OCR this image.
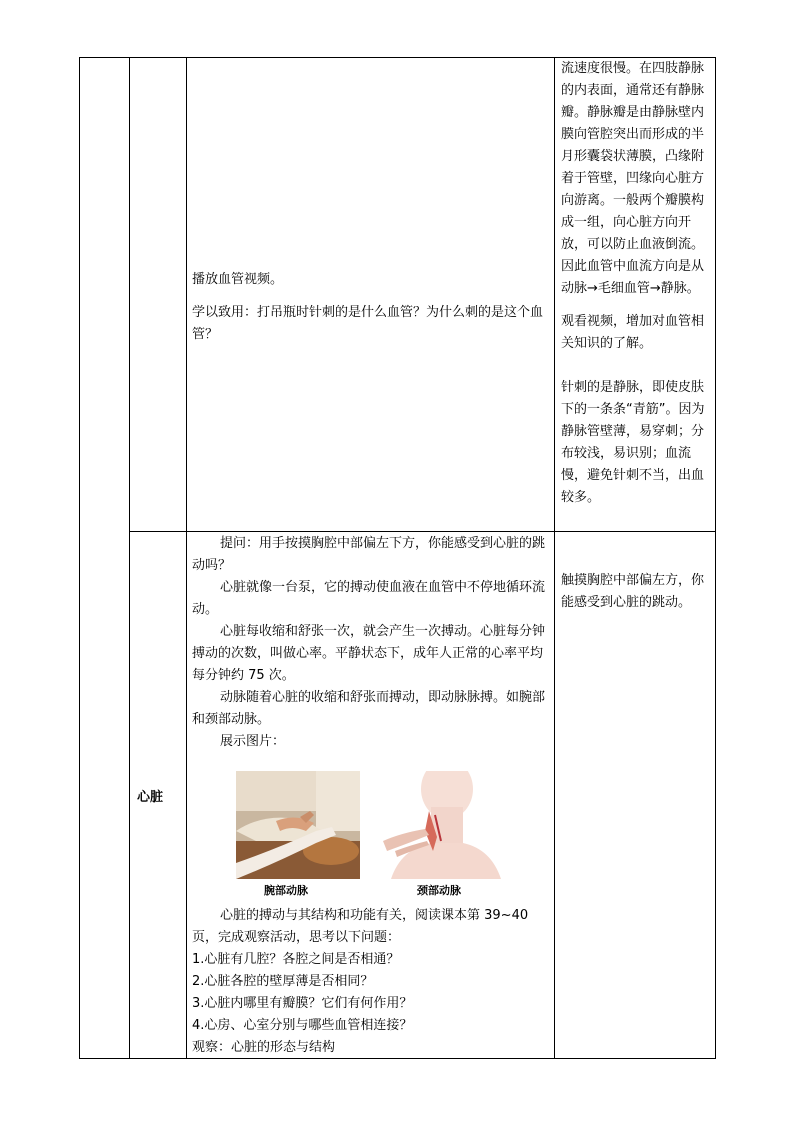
播放血管视频。

学以致用：打吊瓶时针刺的是什么血管？为什么刺的是这个血管？

流速度很慢。在四肢静脉的内表面，通常还有静脉瓣。静脉瓣是由静脉壁内膜向管腔突出而形成的半月形囊袋状薄膜，凸缘附着于管壁，凹缘向心脏方向游离。一般两个瓣膜构成一组，向心脏方向开放，可以防止血液倒流。因此血管中血流方向是从动脉→毛细血管→静脉。

观看视频，增加对血管相关知识的了解。

针刺的是静脉，即使皮肤下的一条条“青筋”。因为静脉管壁薄，易穿刺；分布较浅，易识别；血流慢，避免针刺不当，出血较多。

心脏

提问：用手按摸胸腔中部偏左下方，你能感受到心脏的跳动吗？

心脏就像一台泵，它的搏动使血液在血管中不停地循环流动。

心脏每收缩和舒张一次，就会产生一次搏动。心脏每分钟搏动的次数，叫做心率。平静状态下，成年人正常的心率平均每分钟约 75 次。

动脉随着心脏的收缩和舒张而搏动，即动脉脉搏。如腕部和颈部动脉。

展示图片：

腕部动脉	颈部动脉

心脏的搏动与其结构和功能有关，阅读课本第 39~40 页，完成观察活动，思考以下问题：

1.心脏有几腔？各腔之间是否相通？

2.心脏各腔的壁厚薄是否相同？

3.心脏内哪里有瓣膜？它们有何作用？

4.心房、心室分别与哪些血管相连接？

观察：心脏的形态与结构

触摸胸腔中部偏左方，你能感受到心脏的跳动。
